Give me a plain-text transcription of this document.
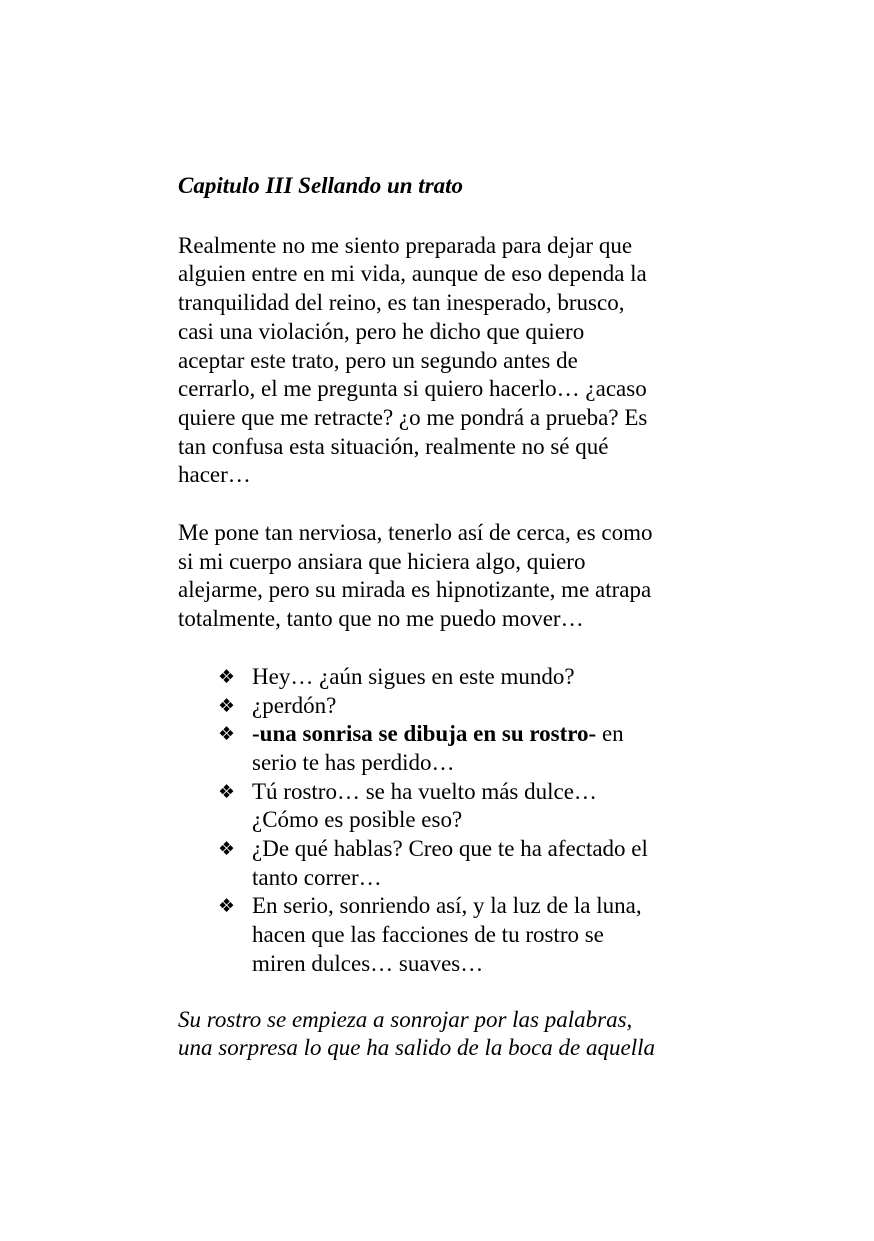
Capitulo III Sellando un trato
Realmente no me siento preparada para dejar que
alguien entre en mi vida, aunque de eso dependa la
tranquilidad del reino, es tan inesperado, brusco,
casi una violación, pero he dicho que quiero
aceptar este trato, pero un segundo antes de
cerrarlo, el me pregunta si quiero hacerlo… ¿acaso
quiere que me retracte? ¿o me pondrá a prueba? Es
tan confusa esta situación, realmente no sé qué
hacer…
Me pone tan nerviosa, tenerlo así de cerca, es como
si mi cuerpo ansiara que hiciera algo, quiero
alejarme, pero su mirada es hipnotizante, me atrapa
totalmente, tanto que no me puedo mover…
❖ Hey… ¿aún sigues en este mundo?
❖ ¿perdón?
❖ -una sonrisa se dibuja en su rostro- en
serio te has perdido…
❖ Tú rostro… se ha vuelto más dulce…
¿Cómo es posible eso?
❖ ¿De qué hablas? Creo que te ha afectado el
tanto correr…
❖ En serio, sonriendo así, y la luz de la luna,
hacen que las facciones de tu rostro se
miren dulces… suaves…
Su rostro se empieza a sonrojar por las palabras,
una sorpresa lo que ha salido de la boca de aquella
